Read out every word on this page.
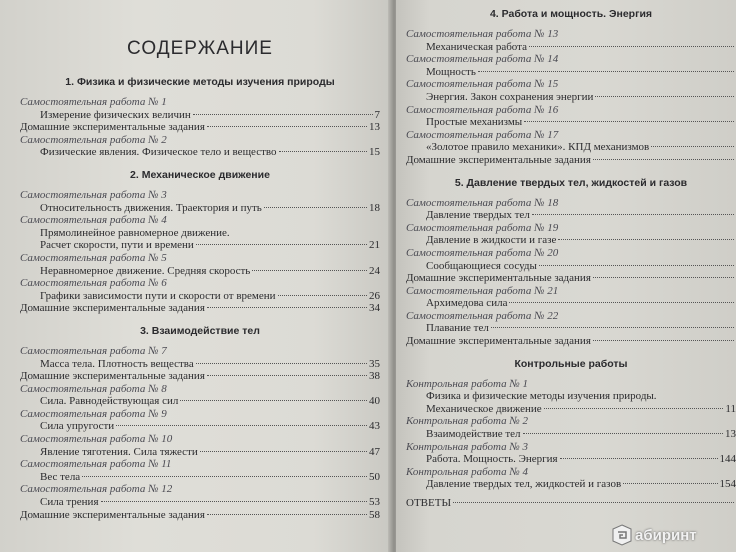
СОДЕРЖАНИЕ
1. Физика и физические методы изучения природы
Самостоятельная работа № 1
Измерение физических величин	7
Домашние экспериментальные задания	13
Самостоятельная работа № 2
Физические явления. Физическое тело и вещество	15
2. Механическое движение
Самостоятельная работа № 3
Относительность движения. Траектория и путь	18
Самостоятельная работа № 4
Прямолинейное равномерное движение.
Расчет скорости, пути и времени	21
Самостоятельная работа № 5
Неравномерное движение. Средняя скорость	24
Самостоятельная работа № 6
Графики зависимости пути и скорости от времени	26
Домашние экспериментальные задания	34
3. Взаимодействие тел
Самостоятельная работа № 7
Масса тела. Плотность вещества	35
Домашние экспериментальные задания	38
Самостоятельная работа № 8
Сила. Равнодействующая сил	40
Самостоятельная работа № 9
Сила упругости	43
Самостоятельная работа № 10
Явление тяготения. Сила тяжести	47
Самостоятельная работа № 11
Вес тела	50
Самостоятельная работа № 12
Сила трения	53
Домашние экспериментальные задания	58
4. Работа и мощность. Энергия
Самостоятельная работа № 13
Механическая работа
Самостоятельная работа № 14
Мощность
Самостоятельная работа № 15
Энергия. Закон сохранения энергии
Самостоятельная работа № 16
Простые механизмы
Самостоятельная работа № 17
«Золотое правило механики». КПД механизмов
Домашние экспериментальные задания
5. Давление твердых тел, жидкостей и газов
Самостоятельная работа № 18
Давление твердых тел
Самостоятельная работа № 19
Давление в жидкости и газе
Самостоятельная работа № 20
Сообщающиеся сосуды
Домашние экспериментальные задания
Самостоятельная работа № 21
Архимедова сила
Самостоятельная работа № 22
Плавание тел
Домашние экспериментальные задания
Контрольные работы
Контрольная работа № 1
Физика и физические методы изучения природы.
Механическое движение	11
Контрольная работа № 2
Взаимодействие тел	13
Контрольная работа № 3
Работа. Мощность. Энергия	144
Контрольная работа № 4
Давление твердых тел, жидкостей и газов	154
ОТВЕТЫ
абиринт
